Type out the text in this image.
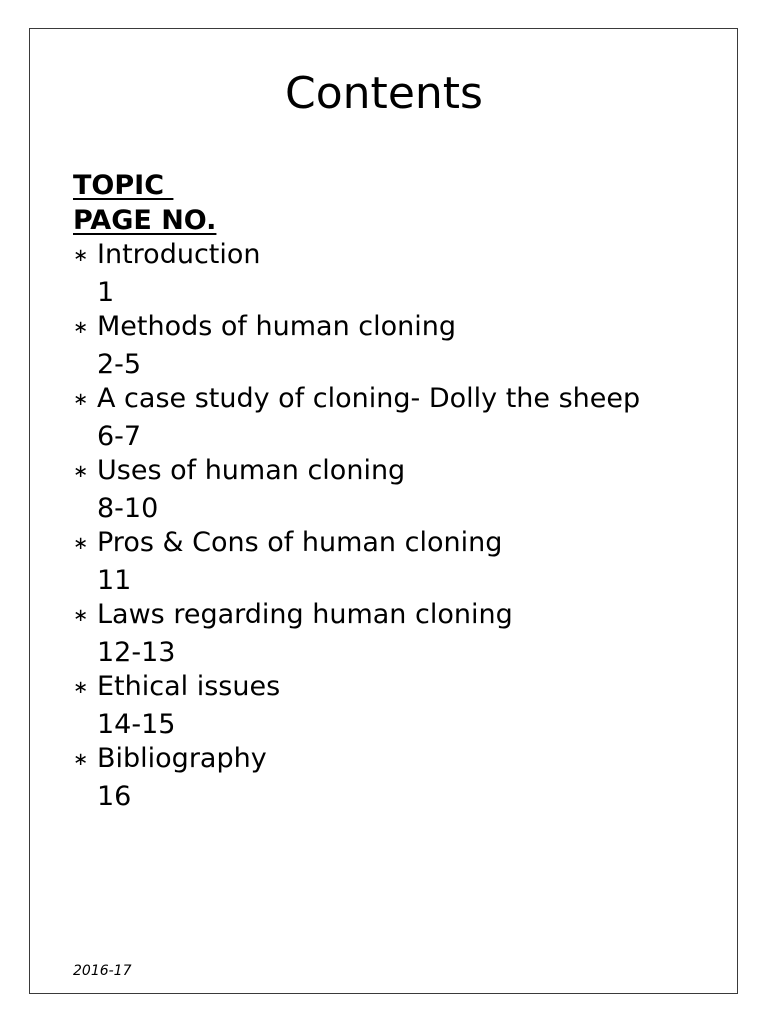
Contents
TOPIC
PAGE NO.
∗ Introduction
1
∗ Methods of human cloning
2-5
∗ A case study of cloning- Dolly the sheep
6-7
∗ Uses of human cloning
8-10
∗ Pros & Cons of human cloning
11
∗ Laws regarding human cloning
12-13
∗ Ethical issues
14-15
∗ Bibliography
16
2016-17
